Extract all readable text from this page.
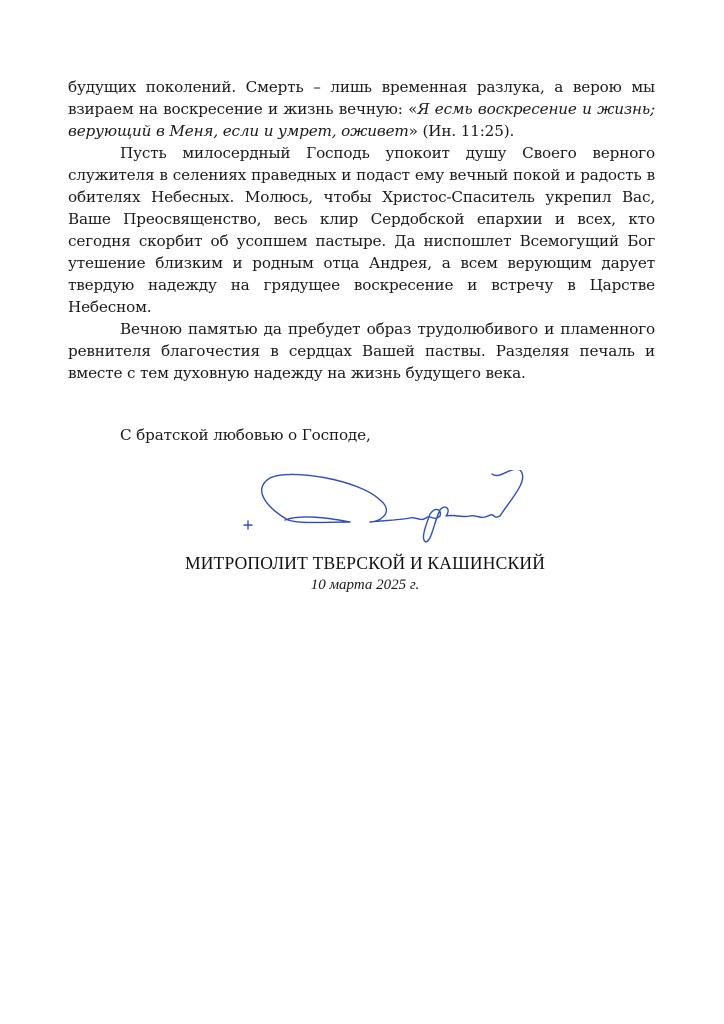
будущих поколений. Смерть – лишь временная разлука, а верою мы взираем на воскресение и жизнь вечную: «Я есмь воскресение и жизнь; верующий в Меня, если и умрет, оживет» (Ин. 11:25).

Пусть милосердный Господь упокоит душу Своего верного служителя в селениях праведных и подаст ему вечный покой и радость в обителях Небесных. Молюсь, чтобы Христос-Спаситель укрепил Вас, Ваше Преосвященство, весь клир Сердобской епархии и всех, кто сегодня скорбит об усопшем пастыре. Да ниспошлет Всемогущий Бог утешение близким и родным отца Андрея, а всем верующим дарует твердую надежду на грядущее воскресение и встречу в Царстве Небесном.

Вечною памятью да пребудет образ трудолюбивого и пламенного ревнителя благочестия в сердцах Вашей паствы. Разделяя печаль и вместе с тем духовную надежду на жизнь будущего века.

С братской любовью о Господе,
МИТРОПОЛИТ ТВЕРСКОЙ И КАШИНСКИЙ
10 марта 2025 г.
